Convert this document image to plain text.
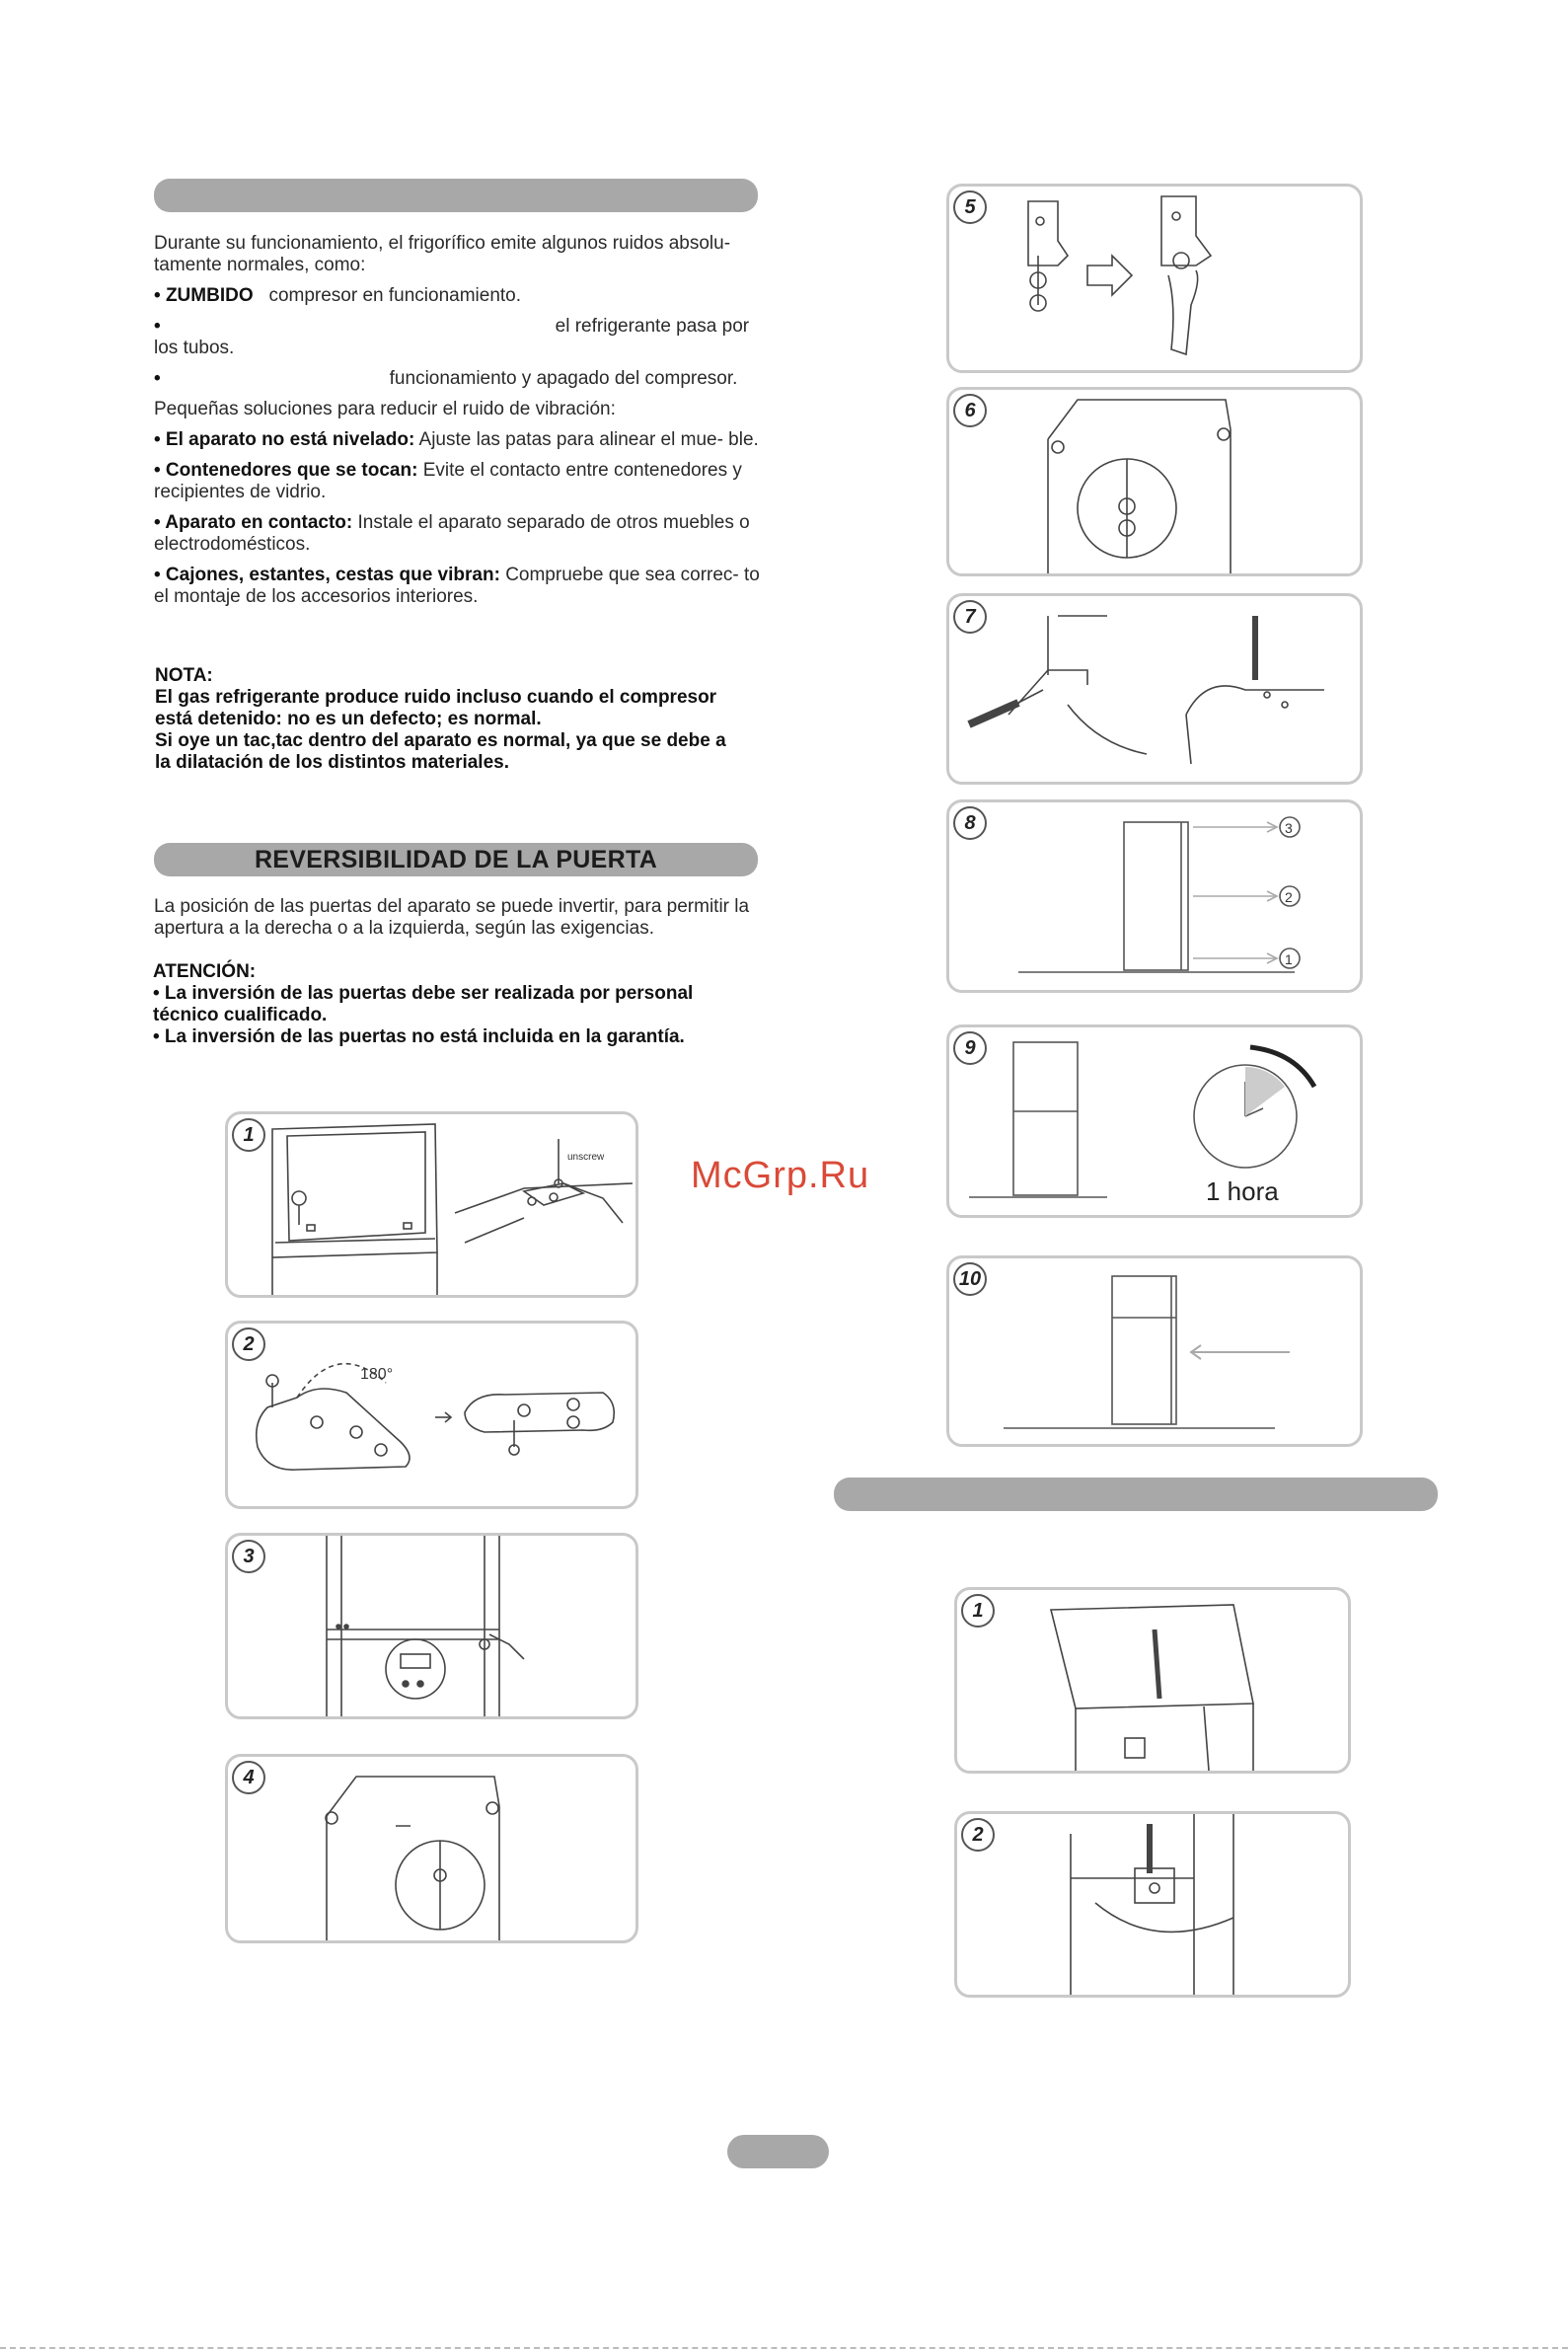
Durante su funcionamiento, el frigorífico emite algunos ruidos absolu- tamente normales, como:

• ZUMBIDO compresor en funcionamiento.

•	el refrigerante pasa por los tubos.

•	funcionamiento y apagado del compresor.

Pequeñas soluciones para reducir el ruido de vibración:

• El aparato no está nivelado: Ajuste las patas para alinear el mue- ble.

• Contenedores que se tocan: Evite el contacto entre contenedores y recipientes de vidrio.

• Aparato en contacto: Instale el aparato separado de otros muebles o electrodomésticos.

• Cajones, estantes, cestas que vibran: Compruebe que sea correc- to el montaje de los accesorios interiores.

NOTA:

El gas refrigerante produce ruido incluso cuando el compresor

está detenido: no es un defecto; es normal.

Si oye un tac,tac dentro del aparato es normal, ya que se debe a

la dilatación de los distintos materiales.

REVERSIBILIDAD DE LA PUERTA

La posición de las puertas del aparato se puede invertir, para permitir la apertura a la derecha o a la izquierda, según las exigencias.

ATENCIÓN:

• La inversión de las puertas debe ser realizada por personal

técnico cualificado.

• La inversión de las puertas no está incluida en la garantía.

unscrew
1
180°
2
3
4
5
6
7
3
2
1
8
1 hora
9
10
1
2
McGrp.Ru
